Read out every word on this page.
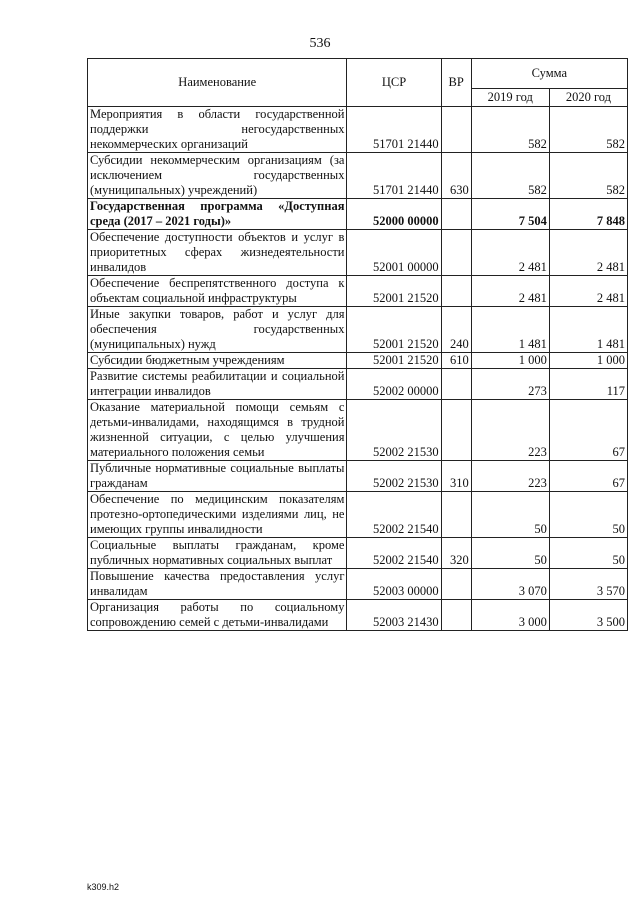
536
Наименование	ЦСР	ВР	Сумма	
			2019 год	2020 год
Мероприятия в области государственной поддержки негосударственных некоммерческих организаций	51701 21440		582	582
Субсидии некоммерческим организациям (за исключением государственных (муниципальных) учреждений)	51701 21440	630	582	582
Государственная программа «Доступная среда (2017 – 2021 годы)»	52000 00000		7 504	7 848
Обеспечение доступности объектов и услуг в приоритетных сферах жизнедеятельности инвалидов	52001 00000		2 481	2 481
Обеспечение беспрепятственного доступа к объектам социальной инфраструктуры	52001 21520		2 481	2 481
Иные закупки товаров, работ и услуг для обеспечения государственных (муниципальных) нужд	52001 21520	240	1 481	1 481
Субсидии бюджетным учреждениям	52001 21520	610	1 000	1 000
Развитие системы реабилитации и социальной интеграции инвалидов	52002 00000		273	117
Оказание материальной помощи семьям с детьми-инвалидами, находящимся в трудной жизненной ситуации, с целью улучшения материального положения семьи	52002 21530		223	67
Публичные нормативные социальные выплаты гражданам	52002 21530	310	223	67
Обеспечение по медицинским показателям протезно-ортопедическими изделиями лиц, не имеющих группы инвалидности	52002 21540		50	50
Социальные выплаты гражданам, кроме публичных нормативных социальных выплат	52002 21540	320	50	50
Повышение качества предоставления услуг инвалидам	52003 00000		3 070	3 570
Организация работы по социальному сопровождению семей с детьми-инвалидами	52003 21430		3 000	3 500
k309.h2
